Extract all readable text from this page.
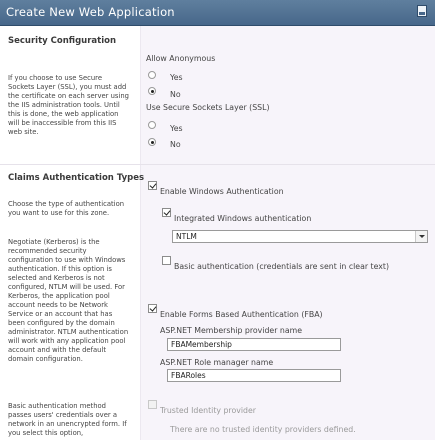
Create New Web Application
Security Configuration
If you choose to use Secure Sockets Layer (SSL), you must add the certificate on each server using the IIS administration tools. Until this is done, the web application will be inaccessible from this IIS web site.
Allow Anonymous
Yes
No
Use Secure Sockets Layer (SSL)
Yes
No
Claims Authentication Types
Choose the type of authentication you want to use for this zone.
Negotiate (Kerberos) is the recommended security configuration to use with Windows authentication. If this option is selected and Kerberos is not configured, NTLM will be used. For Kerberos, the application pool account needs to be Network Service or an account that has been configured by the domain administrator. NTLM authentication will work with any application pool account and with the default domain configuration.
Basic authentication method passes users' credentials over a network in an unencrypted form. If you select this option,
Enable Windows Authentication
Integrated Windows authentication
NTLM
Basic authentication (credentials are sent in clear text)
Enable Forms Based Authentication (FBA)
ASP.NET Membership provider name
FBAMembership
ASP.NET Role manager name
FBARoles
Trusted Identity provider
There are no trusted identity providers defined.
